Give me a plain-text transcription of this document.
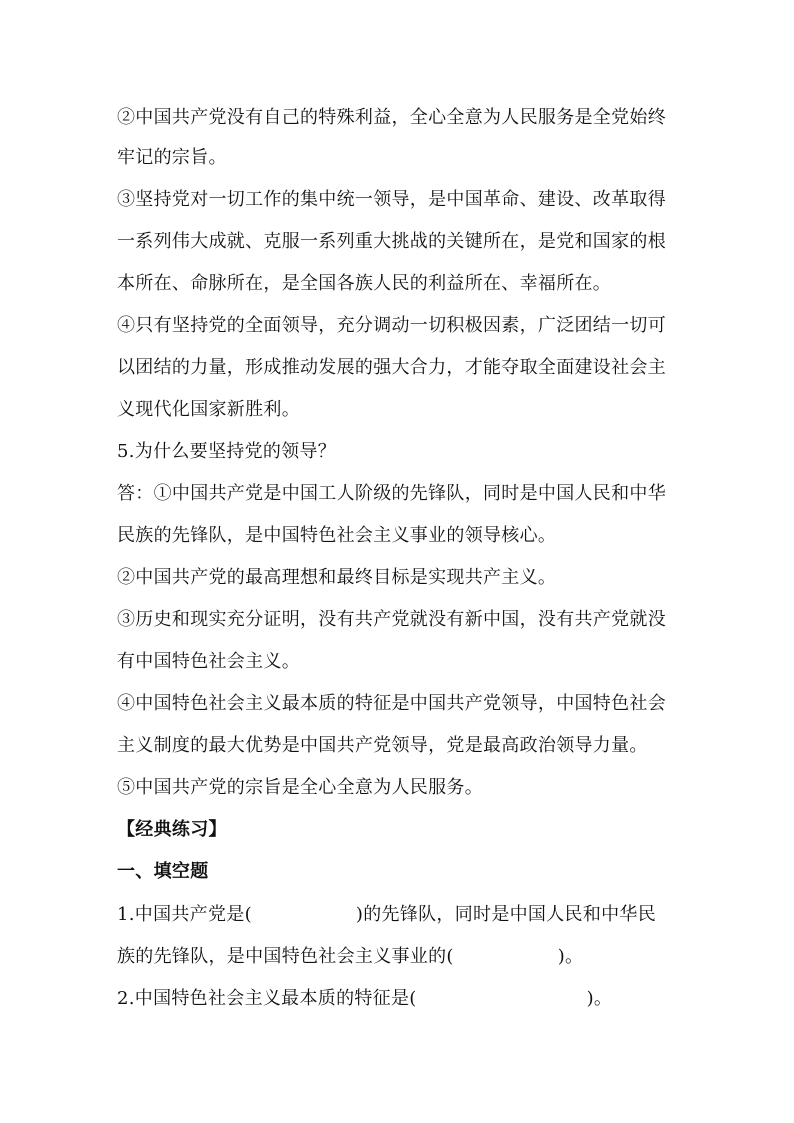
②中国共产党没有自己的特殊利益，全心全意为人民服务是全党始终
牢记的宗旨。
③坚持党对一切工作的集中统一领导，是中国革命、建设、改革取得
一系列伟大成就、克服一系列重大挑战的关键所在，是党和国家的根
本所在、命脉所在，是全国各族人民的利益所在、幸福所在。
④只有坚持党的全面领导，充分调动一切积极因素，广泛团结一切可
以团结的力量，形成推动发展的强大合力，才能夺取全面建设社会主
义现代化国家新胜利。
5.为什么要坚持党的领导？
答：①中国共产党是中国工人阶级的先锋队，同时是中国人民和中华
民族的先锋队，是中国特色社会主义事业的领导核心。
②中国共产党的最高理想和最终目标是实现共产主义。
③历史和现实充分证明，没有共产党就没有新中国，没有共产党就没
有中国特色社会主义。
④中国特色社会主义最本质的特征是中国共产党领导，中国特色社会
主义制度的最大优势是中国共产党领导，党是最高政治领导力量。
⑤中国共产党的宗旨是全心全意为人民服务。
【经典练习】
一、填空题
1.中国共产党是(	)的先锋队，同时是中国人民和中华民
族的先锋队，是中国特色社会主义事业的(	)。
2.中国特色社会主义最本质的特征是(	)。
